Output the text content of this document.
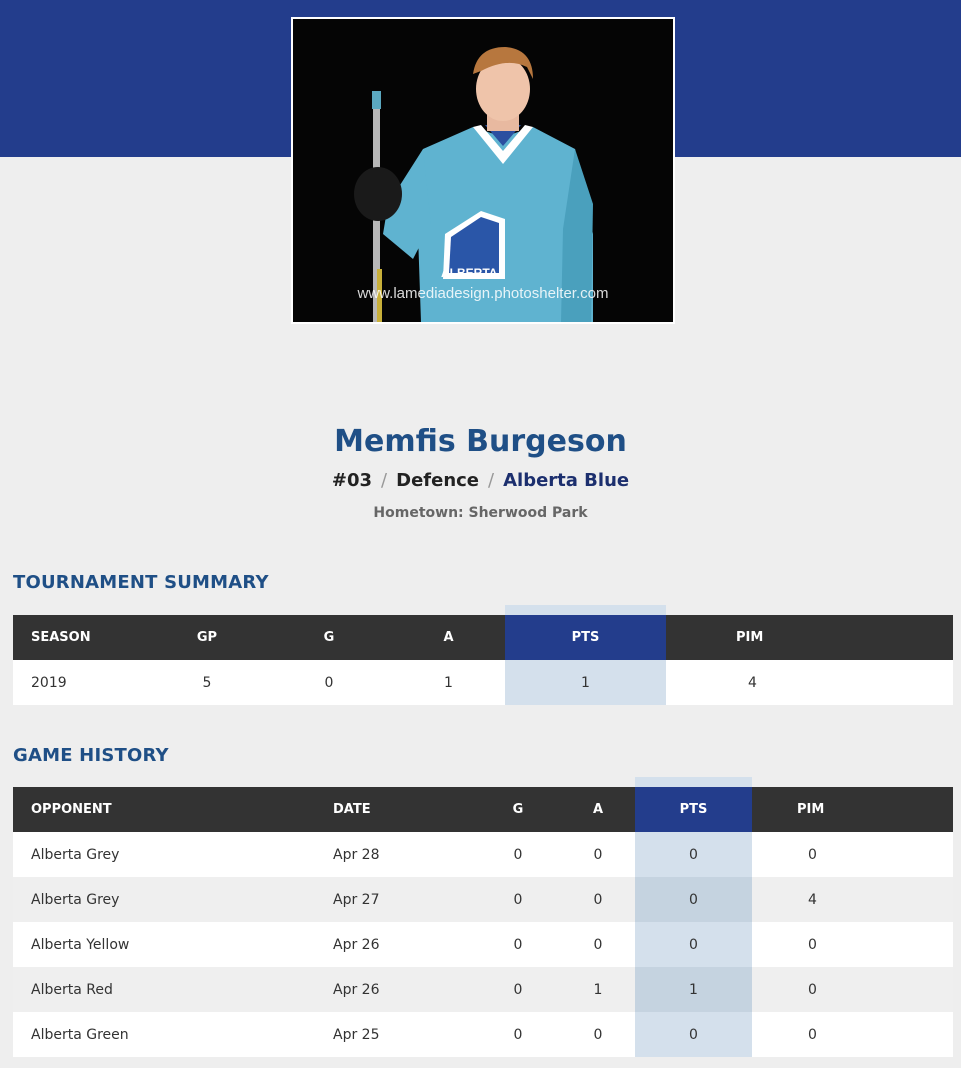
ALBERTA
www.lamediadesign.photoshelter.com
Memfis Burgeson
#03 / Defence / Alberta Blue
Hometown: Sherwood Park
TOURNAMENT SUMMARY
SEASON	GP	G	A	PTS	PIM
2019	5	0	1	1	4
GAME HISTORY
OPPONENT	DATE	G	A	PTS	PIM
Alberta Grey	Apr 28	0	0	0	0
Alberta Grey	Apr 27	0	0	0	4
Alberta Yellow	Apr 26	0	0	0	0
Alberta Red	Apr 26	0	1	1	0
Alberta Green	Apr 25	0	0	0	0
